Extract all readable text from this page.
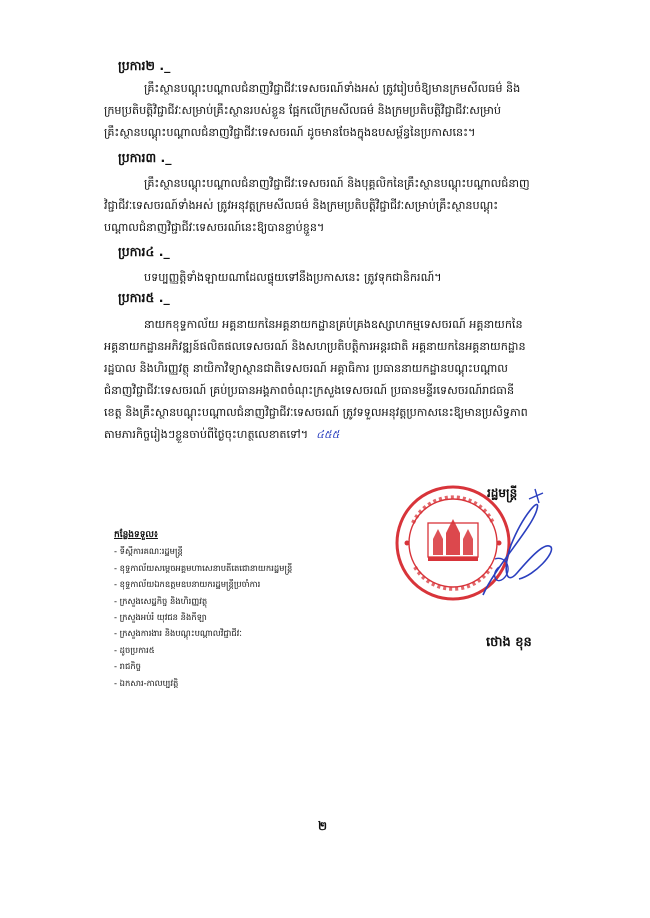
ប្រការ២ ._
គ្រឹះស្ថានបណ្តុះបណ្តាលជំនាញវិជ្ជាជីវៈទេសចរណ៍ទាំងអស់ ត្រូវរៀបចំឱ្យមានក្រមសីលធម៌ និង
ក្រមប្រតិបត្តិវិជ្ជាជីវៈសម្រាប់គ្រឹះស្ថានរបស់ខ្លួន ផ្អែកលើក្រមសីលធម៌ និងក្រមប្រតិបត្តិវិជ្ជាជីវៈសម្រាប់
គ្រឹះស្ថានបណ្តុះបណ្តាលជំនាញវិជ្ជាជីវៈទេសចរណ៍ ដូចមានចែងក្នុងឧបសម្ព័ន្ធនៃប្រកាសនេះ។
ប្រការ៣ ._
គ្រឹះស្ថានបណ្តុះបណ្តាលជំនាញវិជ្ជាជីវៈទេសចរណ៍ និងបុគ្គលិកនៃគ្រឹះស្ថានបណ្តុះបណ្តាលជំនាញ
វិជ្ជាជីវៈទេសចរណ៍ទាំងអស់ ត្រូវអនុវត្តក្រមសីលធម៌ និងក្រមប្រតិបត្តិវិជ្ជាជីវៈសម្រាប់គ្រឹះស្ថានបណ្តុះ
បណ្តាលជំនាញវិជ្ជាជីវៈទេសចរណ៍នេះឱ្យបានខ្ជាប់ខ្ជួន។
ប្រការ៤ ._
បទប្បញ្ញត្តិទាំងឡាយណាដែលផ្ទុយទៅនឹងប្រកាសនេះ ត្រូវទុកជានិករណ៍។
ប្រការ៥ ._
នាយកខុទ្ទកាល័យ អគ្គនាយកនៃអគ្គនាយកដ្ឋានគ្រប់គ្រងឧស្សាហកម្មទេសចរណ៍ អគ្គនាយកនៃ
អគ្គនាយកដ្ឋានអភិវឌ្ឍន៍ផលិតផលទេសចរណ៍ និងសហប្រតិបត្តិការអន្តរជាតិ អគ្គនាយកនៃអគ្គនាយកដ្ឋាន
រដ្ឋបាល និងហិរញ្ញវត្ថុ នាយិកាវិទ្យាស្ថានជាតិទេសចរណ៍ អគ្គាធិការ ប្រធាននាយកដ្ឋានបណ្តុះបណ្តាល
ជំនាញវិជ្ជាជីវៈទេសចរណ៍ គ្រប់ប្រធានអង្គភាពចំណុះក្រសួងទេសចរណ៍ ប្រធានមន្ទីរទេសចរណ៍រាជធានី
ខេត្ត និងគ្រឹះស្ថានបណ្តុះបណ្តាលជំនាញវិជ្ជាជីវៈទេសចរណ៍ ត្រូវទទួលអនុវត្តប្រកាសនេះឱ្យមានប្រសិទ្ធភាព
តាមភារកិច្ចរៀងៗខ្លួនចាប់ពីថ្ងៃចុះហត្ថលេខាតទៅ។ ៤៥៥
រដ្ឋមន្ត្រី
ថោង ខុន
កន្លែងទទួល៖
- ទីស្តីការគណៈរដ្ឋមន្ត្រី
- ខុទ្ទកាល័យសម្តេចអគ្គមហាសេនាបតីតេជោនាយករដ្ឋមន្ត្រី
- ខុទ្ទកាល័យឯកឧត្តមឧបនាយករដ្ឋមន្ត្រីប្រចាំការ
- ក្រសួងសេដ្ឋកិច្ច និងហិរញ្ញវត្ថុ
- ក្រសួងអប់រំ យុវជន និងកីឡា
- ក្រសួងការងារ និងបណ្តុះបណ្តាលវិជ្ជាជីវៈ
- ដូចប្រការ៥
- រាជកិច្ច
- ឯកសារ-កាលប្បវត្តិ
២
